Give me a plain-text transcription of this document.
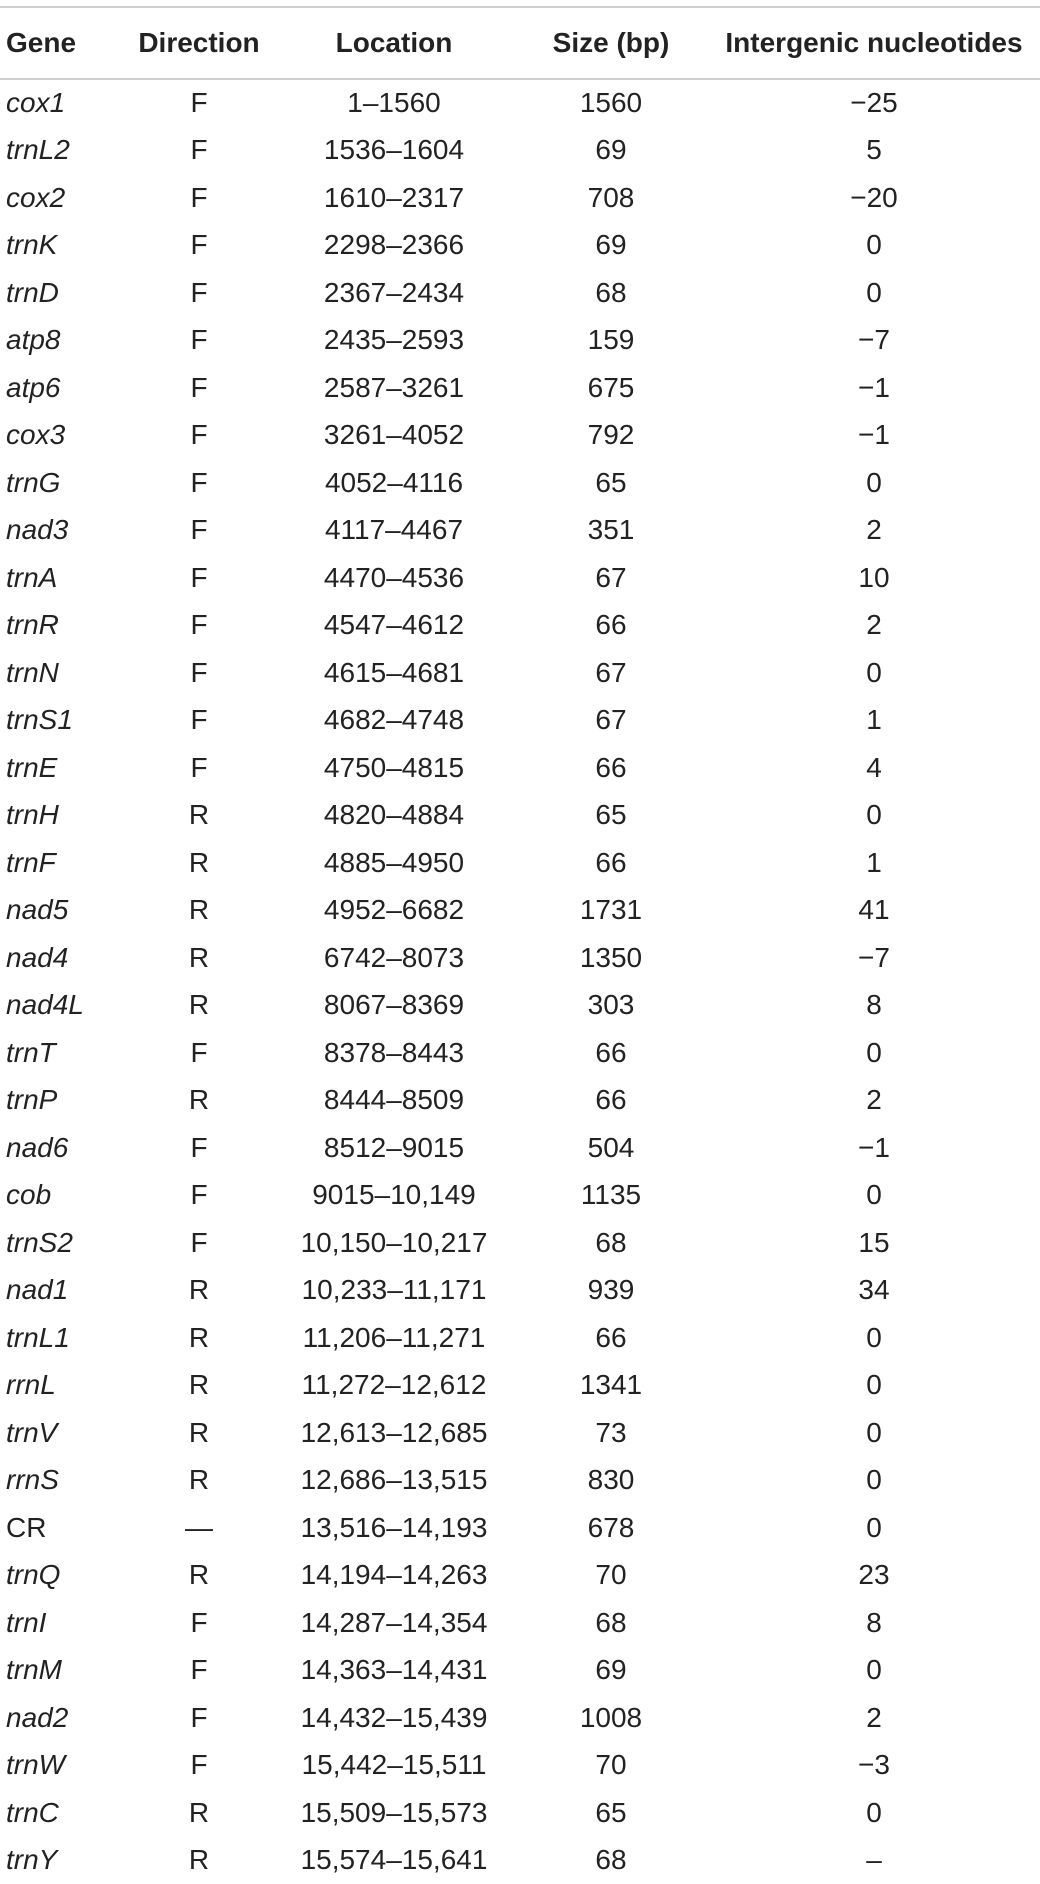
Gene	Direction	Location	Size (bp)	Intergenic nucleotides
cox1	F	1–1560	1560	−25
trnL2	F	1536–1604	69	5
cox2	F	1610–2317	708	−20
trnK	F	2298–2366	69	0
trnD	F	2367–2434	68	0
atp8	F	2435–2593	159	−7
atp6	F	2587–3261	675	−1
cox3	F	3261–4052	792	−1
trnG	F	4052–4116	65	0
nad3	F	4117–4467	351	2
trnA	F	4470–4536	67	10
trnR	F	4547–4612	66	2
trnN	F	4615–4681	67	0
trnS1	F	4682–4748	67	1
trnE	F	4750–4815	66	4
trnH	R	4820–4884	65	0
trnF	R	4885–4950	66	1
nad5	R	4952–6682	1731	41
nad4	R	6742–8073	1350	−7
nad4L	R	8067–8369	303	8
trnT	F	8378–8443	66	0
trnP	R	8444–8509	66	2
nad6	F	8512–9015	504	−1
cob	F	9015–10,149	1135	0
trnS2	F	10,150–10,217	68	15
nad1	R	10,233–11,171	939	34
trnL1	R	11,206–11,271	66	0
rrnL	R	11,272–12,612	1341	0
trnV	R	12,613–12,685	73	0
rrnS	R	12,686–13,515	830	0
CR	—	13,516–14,193	678	0
trnQ	R	14,194–14,263	70	23
trnI	F	14,287–14,354	68	8
trnM	F	14,363–14,431	69	0
nad2	F	14,432–15,439	1008	2
trnW	F	15,442–15,511	70	−3
trnC	R	15,509–15,573	65	0
trnY	R	15,574–15,641	68	–
